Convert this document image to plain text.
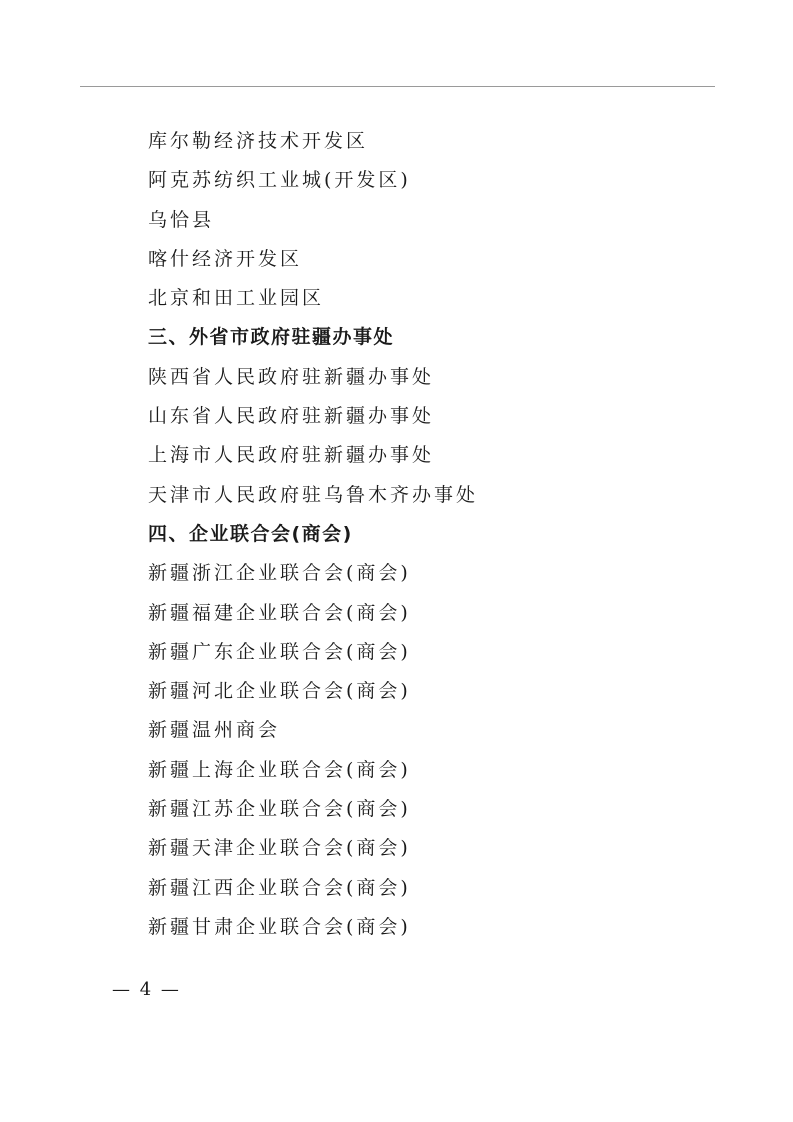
库尔勒经济技术开发区
阿克苏纺织工业城(开发区)
乌恰县
喀什经济开发区
北京和田工业园区
三、外省市政府驻疆办事处
陕西省人民政府驻新疆办事处
山东省人民政府驻新疆办事处
上海市人民政府驻新疆办事处
天津市人民政府驻乌鲁木齐办事处
四、企业联合会(商会)
新疆浙江企业联合会(商会)
新疆福建企业联合会(商会)
新疆广东企业联合会(商会)
新疆河北企业联合会(商会)
新疆温州商会
新疆上海企业联合会(商会)
新疆江苏企业联合会(商会)
新疆天津企业联合会(商会)
新疆江西企业联合会(商会)
新疆甘肃企业联合会(商会)
— 4 —
